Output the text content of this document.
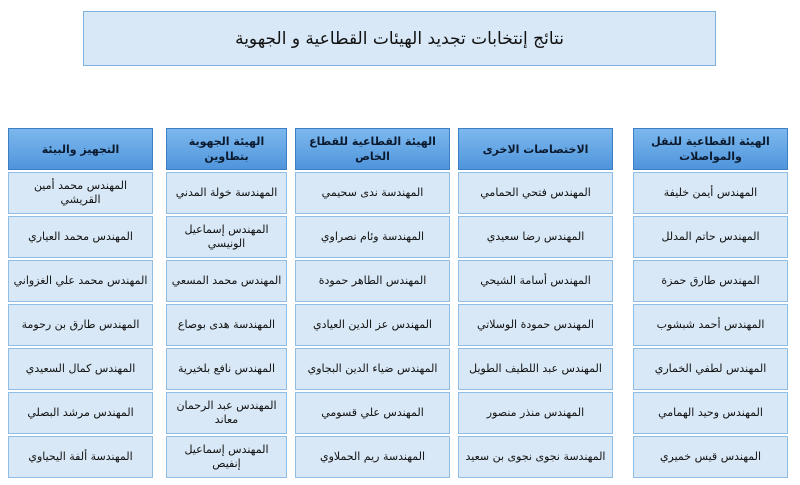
نتائج إنتخابات تجديد الهيئات القطاعية و الجهوية
الهيئة القطاعية للنقل والمواصلات
المهندس أيمن خليفة
المهندس حاتم المدلل
المهندس طارق حمزة
المهندس أحمد شبشوب
المهندس لطفي الخماري
المهندس وحيد الهمامي
المهندس قيس خميري
الاختصاصات الاخرى
المهندس فتحي الحمامي
المهندس رضا سعيدي
المهندس أسامة الشيحي
المهندس حمودة الوسلاتي
المهندس عبد اللطيف الطويل
المهندس منذر منصور
المهندسة نجوى نجوى بن سعيد
الهيئة القطاعية للقطاع الخاص
المهندسة ندى سحيمي
المهندسة وئام نصراوي
المهندس الطاهر حمودة
المهندس عز الدين العيادي
المهندس ضياء الدين البجاوي
المهندس علي قسومي
المهندسة ريم الحملاوي
الهيئة الجهوية بتطاوين
المهندسة خولة المدني
المهندس إسماعيل الونيسي
المهندس محمد المسعي
المهندسة هدى بوصاع
المهندس نافع بلخيرية
المهندس عبد الرحمان معاند
المهندس إسماعيل إنفيص
التجهيز والبيئة
المهندس محمد أمين القريشي
المهندس محمد العياري
المهندس محمد علي الغزواني
المهندس طارق بن رحومة
المهندس كمال السعيدي
المهندس مرشد البصلي
المهندسة ألفة اليحياوي
